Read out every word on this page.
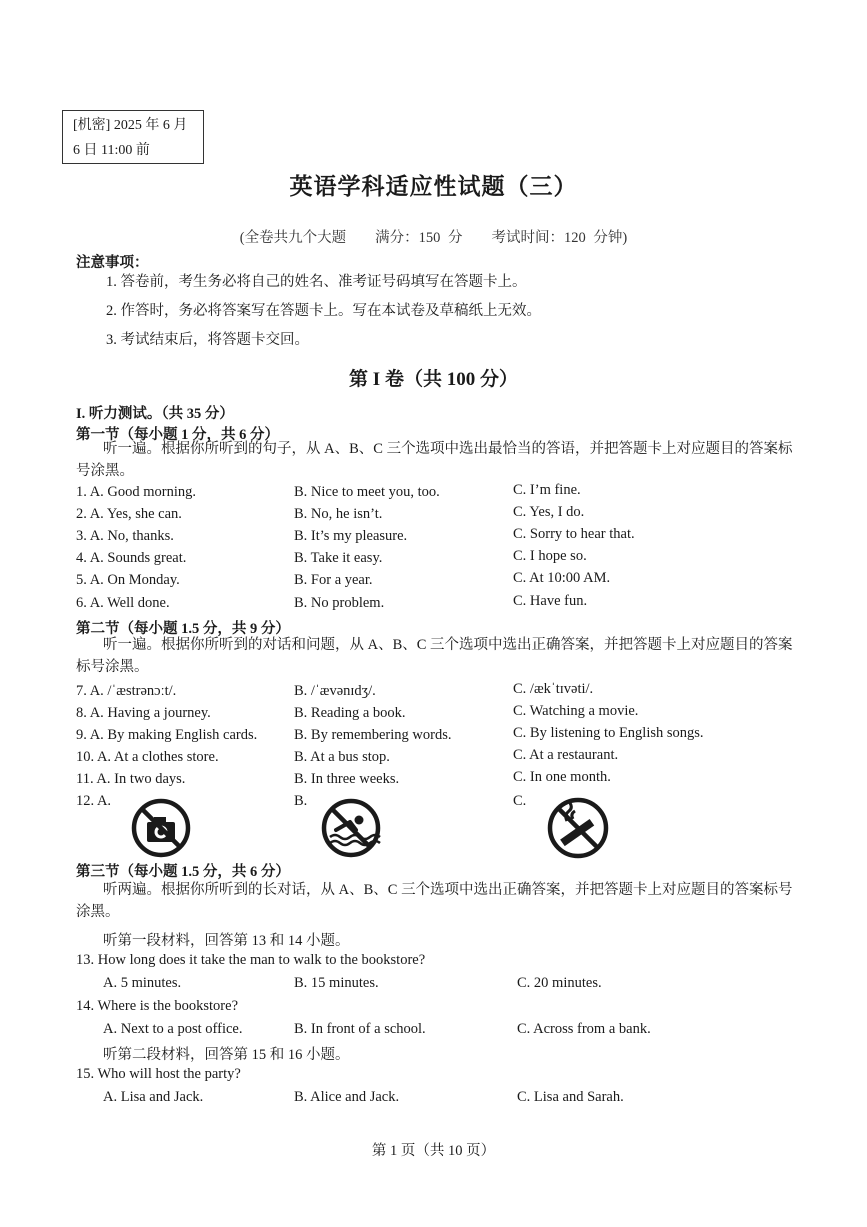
[机密] 2025 年 6 月
6 日 11:00 前
英语学科适应性试题（三）
(全卷共九个大题　　满分：150 分　　考试时间：120 分钟)
注意事项：
1. 答卷前，考生务必将自己的姓名、准考证号码填写在答题卡上。
2. 作答时，务必将答案写在答题卡上。写在本试卷及草稿纸上无效。
3. 考试结束后，将答题卡交回。
第 I 卷（共 100 分）
I. 听力测试。（共 35 分）
第一节（每小题 1 分，共 6 分）
听一遍。根据你所听到的句子，从 A、B、C 三个选项中选出最恰当的答语，并把答题卡上对应题目的答案标号涂黑。
1. A. Good morning.	B. Nice to meet you, too.	C. I’m fine.
2. A. Yes, she can.	B. No, he isn’t.	C. Yes, I do.
3. A. No, thanks.	B. It’s my pleasure.	C. Sorry to hear that.
4. A. Sounds great.	B. Take it easy.	C. I hope so.
5. A. On Monday.	B. For a year.	C. At 10:00 AM.
6. A. Well done.	B. No problem.	C. Have fun.
第二节（每小题 1.5 分，共 9 分）
听一遍。根据你所听到的对话和问题，从 A、B、C 三个选项中选出正确答案，并把答题卡上对应题目的答案标号涂黑。
7. A. /ˈæstrənɔːt/.	B. /ˈævənɪdʒ/.	C. /ækˈtɪvəti/.
8. A. Having a journey.	B. Reading a book.	C. Watching a movie.
9. A. By making English cards.	B. By remembering words.	C. By listening to English songs.
10. A. At a clothes store.	B. At a bus stop.	C. At a restaurant.
11. A. In two days.	B. In three weeks.	C. In one month.
12. A.	B.	C.
第三节（每小题 1.5 分，共 6 分）
听两遍。根据你所听到的长对话，从 A、B、C 三个选项中选出正确答案，并把答题卡上对应题目的答案标号涂黑。
听第一段材料，回答第 13 和 14 小题。
13. How long does it take the man to walk to the bookstore?
A. 5 minutes.	B. 15 minutes.	C. 20 minutes.
14. Where is the bookstore?
A. Next to a post office.	B. In front of a school.	C. Across from a bank.
听第二段材料，回答第 15 和 16 小题。
15. Who will host the party?
A. Lisa and Jack.	B. Alice and Jack.	C. Lisa and Sarah.
第 1 页（共 10 页）
